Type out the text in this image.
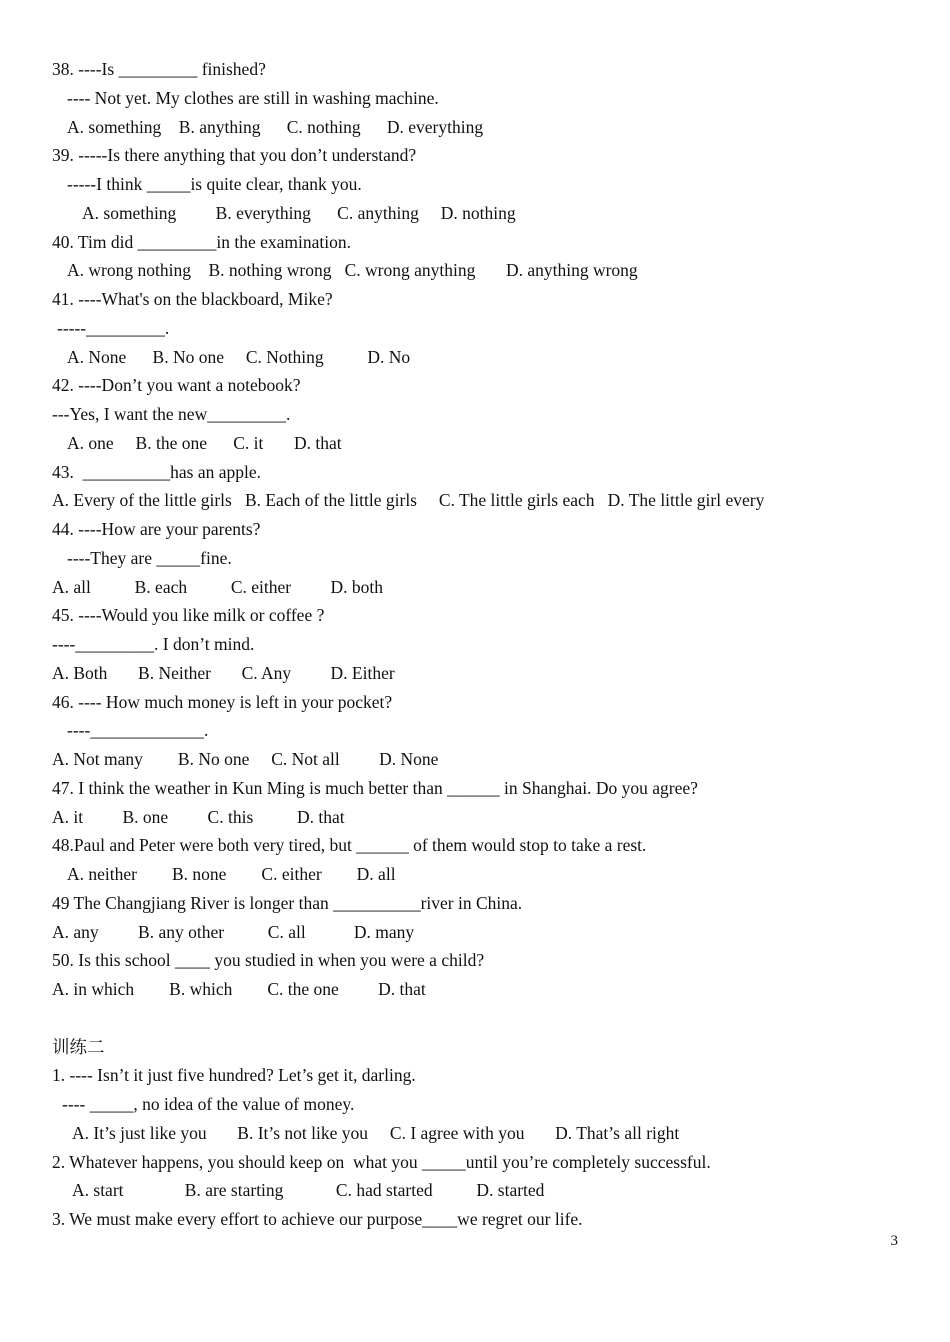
38. ----Is _________ finished?
---- Not yet. My clothes are still in washing machine.
A. something    B. anything      C. nothing      D. everything
39. -----Is there anything that you don’t understand?
-----I think _____is quite clear, thank you.
A. something         B. everything      C. anything     D. nothing
40. Tim did _________in the examination.
A. wrong nothing    B. nothing wrong   C. wrong anything       D. anything wrong
41. ----What's on the blackboard, Mike?
-----_________.
A. None      B. No one     C. Nothing          D. No
42. ----Don’t you want a notebook?
---Yes, I want the new_________.
A. one     B. the one      C. it       D. that
43.  __________has an apple.
A. Every of the little girls   B. Each of the little girls     C. The little girls each   D. The little girl every
44. ----How are your parents?
----They are _____fine.
A. all          B. each          C. either         D. both
45. ----Would you like milk or coffee ?
----_________. I don’t mind.
A. Both       B. Neither       C. Any         D. Either
46. ---- How much money is left in your pocket?
----_____________.
A. Not many        B. No one     C. Not all         D. None
47. I think the weather in Kun Ming is much better than ______ in Shanghai. Do you agree?
A. it         B. one         C. this          D. that
48.Paul and Peter were both very tired, but ______ of them would stop to take a rest.
A. neither        B. none        C. either        D. all
49 The Changjiang River is longer than __________river in China.
A. any         B. any other          C. all           D. many
50. Is this school ____ you studied in when you were a child?
A. in which        B. which        C. the one         D. that
训练二
1. ---- Isn’t it just five hundred? Let’s get it, darling.
---- _____, no idea of the value of money.
A. It’s just like you       B. It’s not like you     C. I agree with you       D. That’s all right
2. Whatever happens, you should keep on  what you _____until you’re completely successful.
A. start              B. are starting            C. had started          D. started
3. We must make every effort to achieve our purpose____we regret our life.
3
